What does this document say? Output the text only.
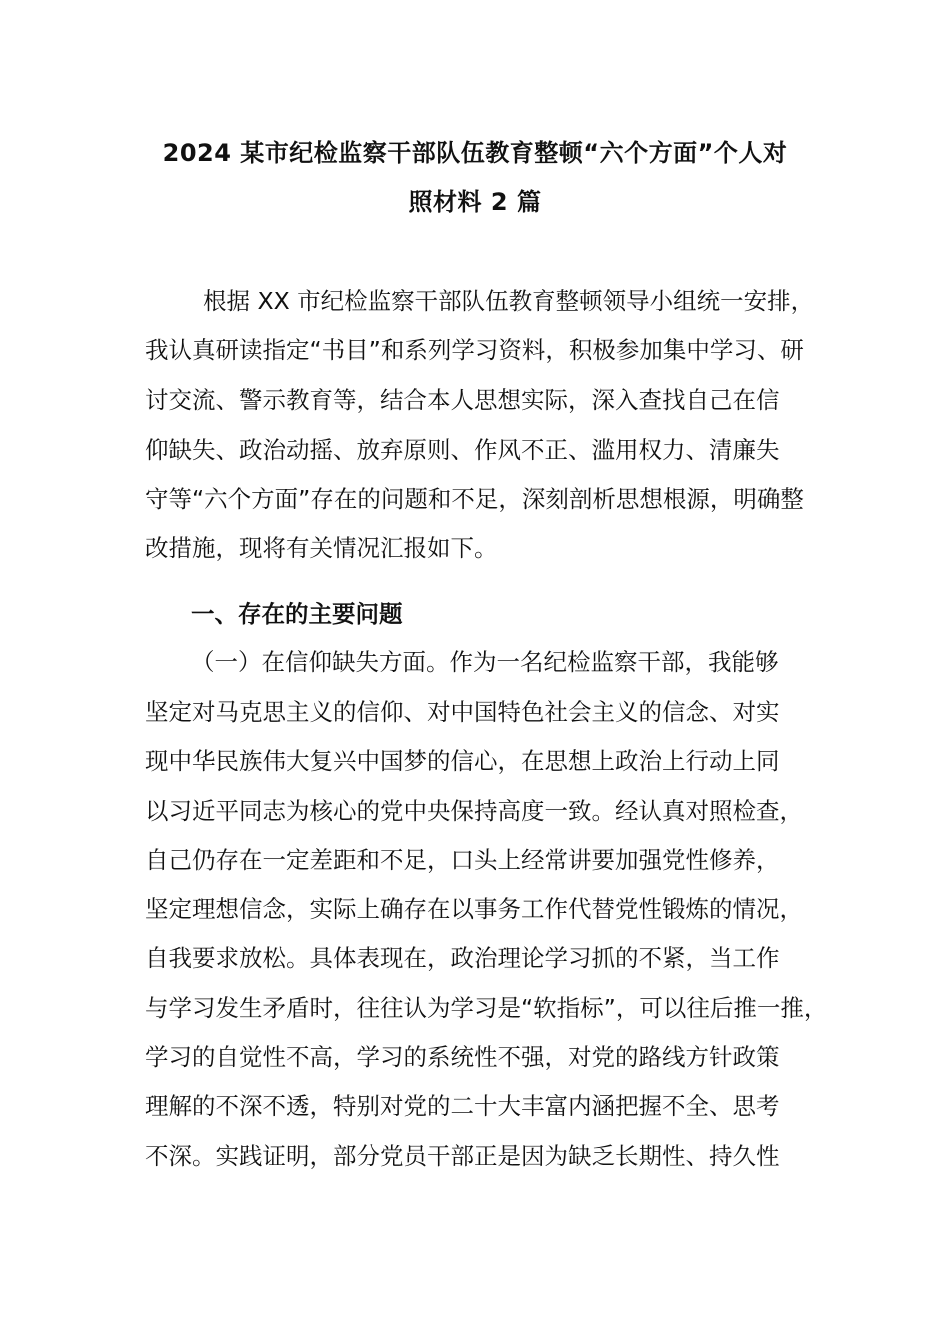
2024 某市纪检监察干部队伍教育整顿“六个方面”个人对
照材料 2 篇
根据 XX 市纪检监察干部队伍教育整顿领导小组统一安排，
我认真研读指定“书目”和系列学习资料，积极参加集中学习、研
讨交流、警示教育等，结合本人思想实际，深入查找自己在信
仰缺失、政治动摇、放弃原则、作风不正、滥用权力、清廉失
守等“六个方面”存在的问题和不足，深刻剖析思想根源，明确整
改措施，现将有关情况汇报如下。
一、存在的主要问题
（一）在信仰缺失方面。作为一名纪检监察干部，我能够
坚定对马克思主义的信仰、对中国特色社会主义的信念、对实
现中华民族伟大复兴中国梦的信心，在思想上政治上行动上同
以习近平同志为核心的党中央保持高度一致。经认真对照检查，
自己仍存在一定差距和不足，口头上经常讲要加强党性修养，
坚定理想信念，实际上确存在以事务工作代替党性锻炼的情况，
自我要求放松。具体表现在，政治理论学习抓的不紧，当工作
与学习发生矛盾时，往往认为学习是“软指标”，可以往后推一推，
学习的自觉性不高，学习的系统性不强，对党的路线方针政策
理解的不深不透，特别对党的二十大丰富内涵把握不全、思考
不深。实践证明，部分党员干部正是因为缺乏长期性、持久性
